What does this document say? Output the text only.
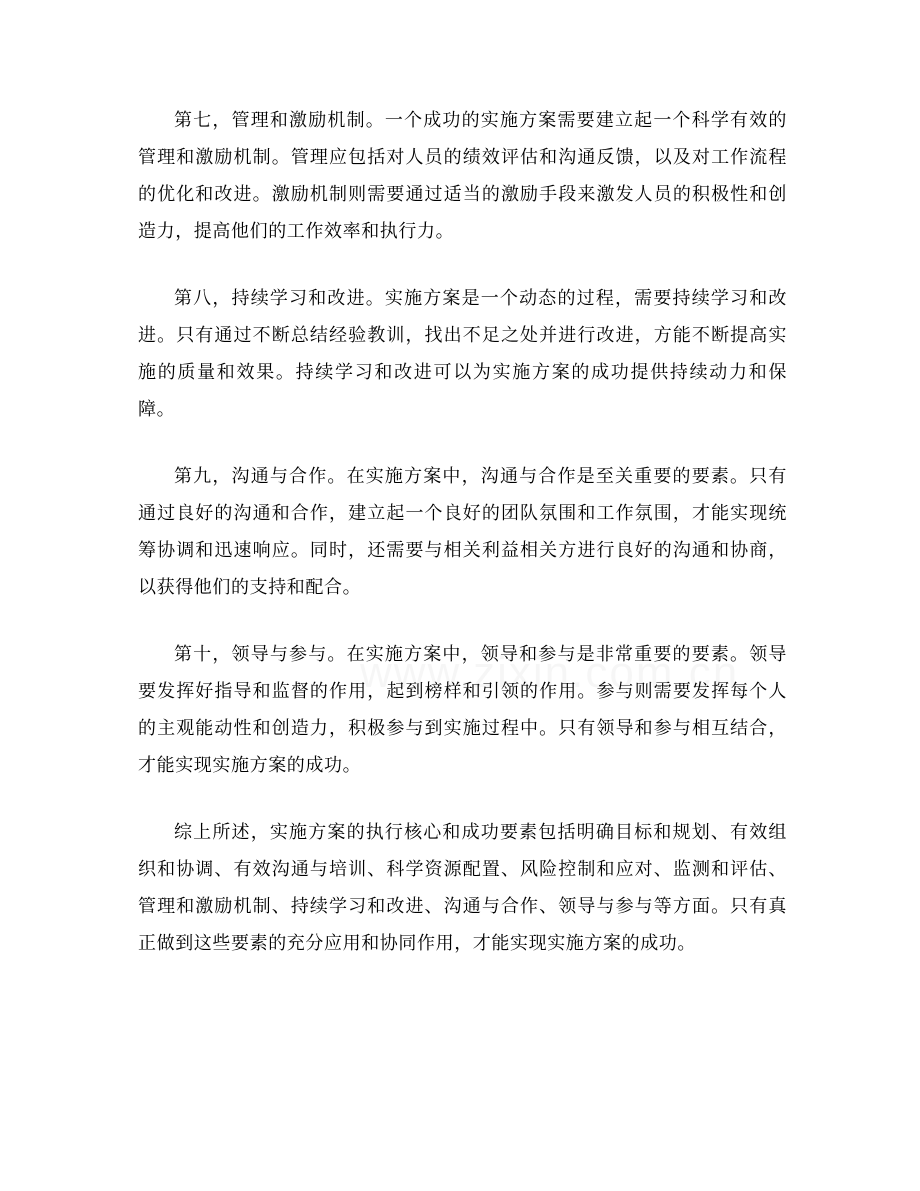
第七，管理和激励机制。一个成功的实施方案需要建立起一个科学有效的管理和激励机制。管理应包括对人员的绩效评估和沟通反馈，以及对工作流程的优化和改进。激励机制则需要通过适当的激励手段来激发人员的积极性和创造力，提高他们的工作效率和执行力。

第八，持续学习和改进。实施方案是一个动态的过程，需要持续学习和改进。只有通过不断总结经验教训，找出不足之处并进行改进，方能不断提高实施的质量和效果。持续学习和改进可以为实施方案的成功提供持续动力和保障。

第九，沟通与合作。在实施方案中，沟通与合作是至关重要的要素。只有通过良好的沟通和合作，建立起一个良好的团队氛围和工作氛围，才能实现统筹协调和迅速响应。同时，还需要与相关利益相关方进行良好的沟通和协商，以获得他们的支持和配合。

第十，领导与参与。在实施方案中，领导和参与是非常重要的要素。领导要发挥好指导和监督的作用，起到榜样和引领的作用。参与则需要发挥每个人的主观能动性和创造力，积极参与到实施过程中。只有领导和参与相互结合，才能实现实施方案的成功。

综上所述，实施方案的执行核心和成功要素包括明确目标和规划、有效组织和协调、有效沟通与培训、科学资源配置、风险控制和应对、监测和评估、管理和激励机制、持续学习和改进、沟通与合作、领导与参与等方面。只有真正做到这些要素的充分应用和协同作用，才能实现实施方案的成功。
